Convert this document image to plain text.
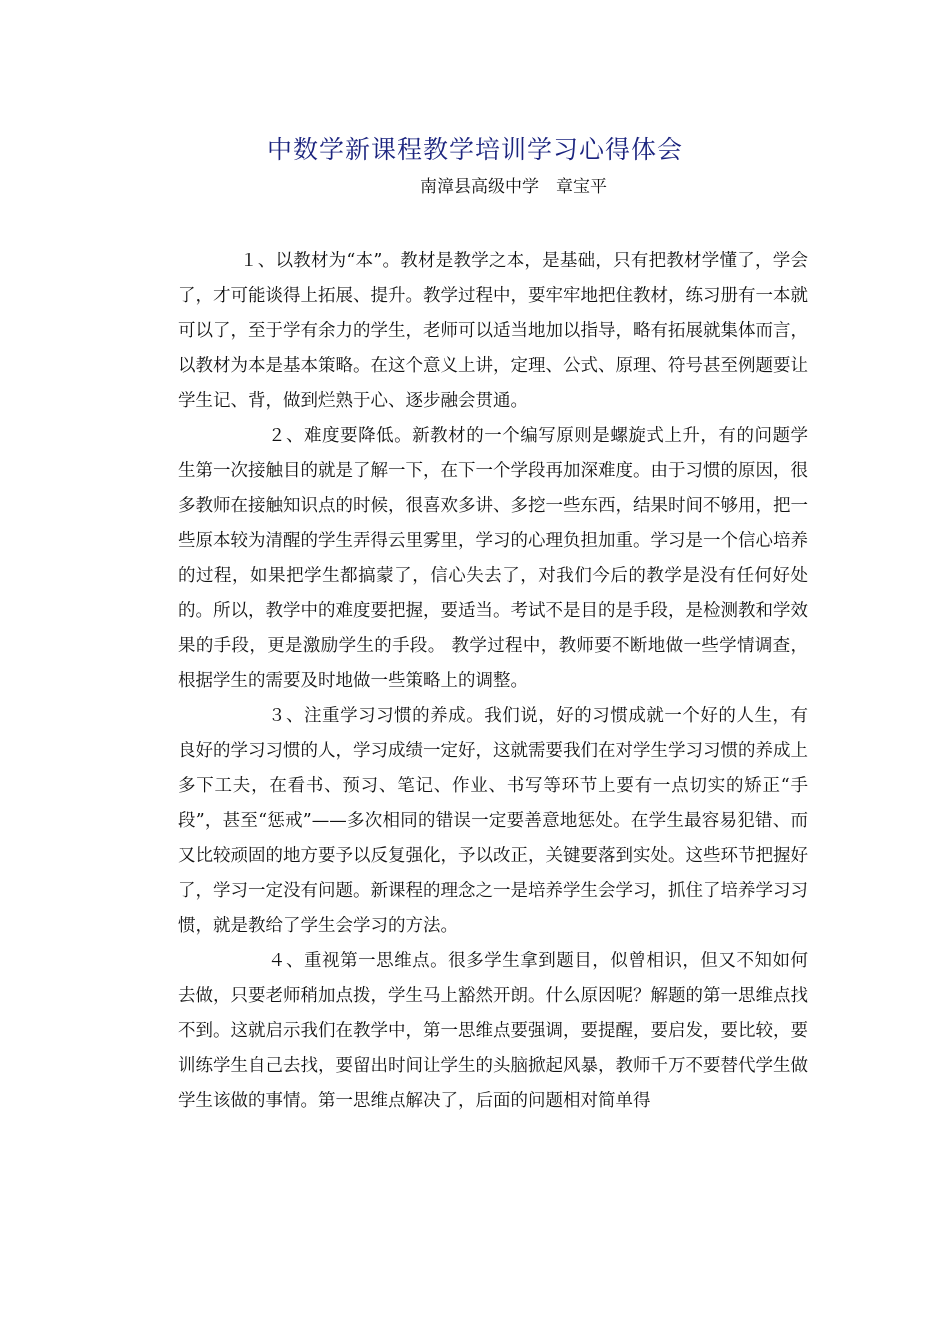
中数学新课程教学培训学习心得体会
南漳县高级中学　章宝平

１、以教材为“本”。教材是教学之本，是基础，只有把教材学懂了，学会了，才可能谈得上拓展、提升。教学过程中，要牢牢地把住教材，练习册有一本就可以了，至于学有余力的学生，老师可以适当地加以指导，略有拓展就集体而言，以教材为本是基本策略。在这个意义上讲，定理、公式、原理、符号甚至例题要让学生记、背，做到烂熟于心、逐步融会贯通。

２、难度要降低。新教材的一个编写原则是螺旋式上升，有的问题学生第一次接触目的就是了解一下，在下一个学段再加深难度。由于习惯的原因，很多教师在接触知识点的时候，很喜欢多讲、多挖一些东西，结果时间不够用，把一些原本较为清醒的学生弄得云里雾里，学习的心理负担加重。学习是一个信心培养的过程，如果把学生都搞蒙了，信心失去了，对我们今后的教学是没有任何好处的。所以，教学中的难度要把握，要适当。考试不是目的是手段，是检测教和学效果的手段，更是激励学生的手段。 教学过程中，教师要不断地做一些学情调查，根据学生的需要及时地做一些策略上的调整。

３、注重学习习惯的养成。我们说，好的习惯成就一个好的人生，有良好的学习习惯的人，学习成绩一定好，这就需要我们在对学生学习习惯的养成上多下工夫，在看书、预习、笔记、作业、书写等环节上要有一点切实的矫正“手段”，甚至“惩戒”——多次相同的错误一定要善意地惩处。在学生最容易犯错、而又比较顽固的地方要予以反复强化，予以改正，关键要落到实处。这些环节把握好了，学习一定没有问题。新课程的理念之一是培养学生会学习，抓住了培养学习习惯，就是教给了学生会学习的方法。

４、重视第一思维点。很多学生拿到题目，似曾相识，但又不知如何去做，只要老师稍加点拨，学生马上豁然开朗。什么原因呢？解题的第一思维点找不到。这就启示我们在教学中，第一思维点要强调，要提醒，要启发，要比较，要训练学生自己去找，要留出时间让学生的头脑掀起风暴，教师千万不要替代学生做学生该做的事情。第一思维点解决了，后面的问题相对简单得
